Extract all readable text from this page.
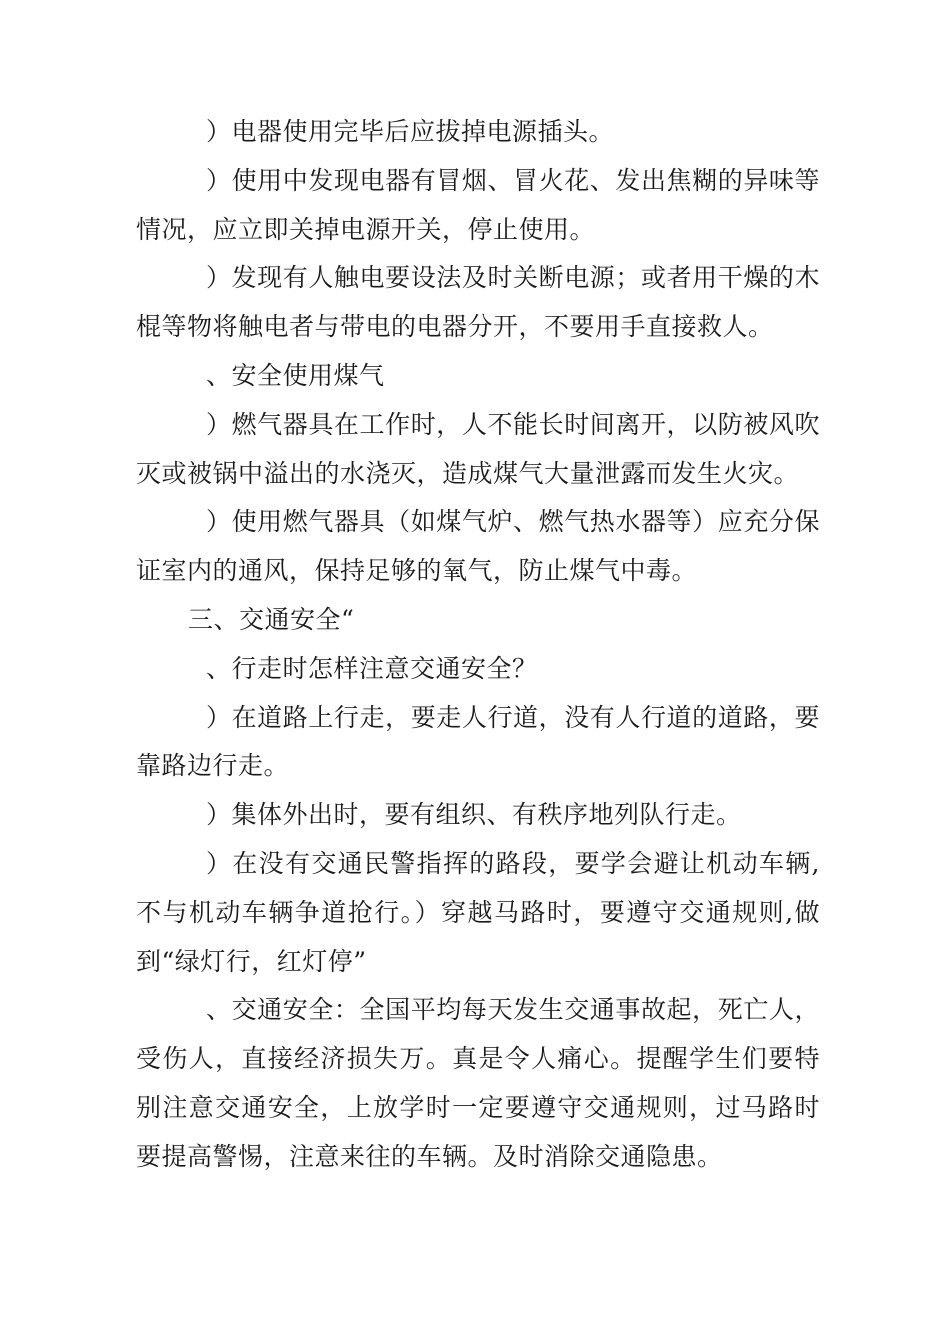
）电器使用完毕后应拔掉电源插头。

）使用中发现电器有冒烟、冒火花、发出焦糊的异味等情况，应立即关掉电源开关，停止使用。

）发现有人触电要设法及时关断电源；或者用干燥的木棍等物将触电者与带电的电器分开，不要用手直接救人。

、安全使用煤气

）燃气器具在工作时，人不能长时间离开，以防被风吹灭或被锅中溢出的水浇灭，造成煤气大量泄露而发生火灾。

）使用燃气器具（如煤气炉、燃气热水器等）应充分保证室内的通风，保持足够的氧气，防止煤气中毒。

三、交通安全“

、行走时怎样注意交通安全？

）在道路上行走，要走人行道，没有人行道的道路，要靠路边行走。

）集体外出时，要有组织、有秩序地列队行走。

）在没有交通民警指挥的路段，要学会避让机动车辆,不与机动车辆争道抢行。）穿越马路时，要遵守交通规则,做到“绿灯行，红灯停”

、交通安全：全国平均每天发生交通事故起，死亡人，受伤人，直接经济损失万。真是令人痛心。提醒学生们要特别注意交通安全，上放学时一定要遵守交通规则，过马路时要提高警惕，注意来往的车辆。及时消除交通隐患。
